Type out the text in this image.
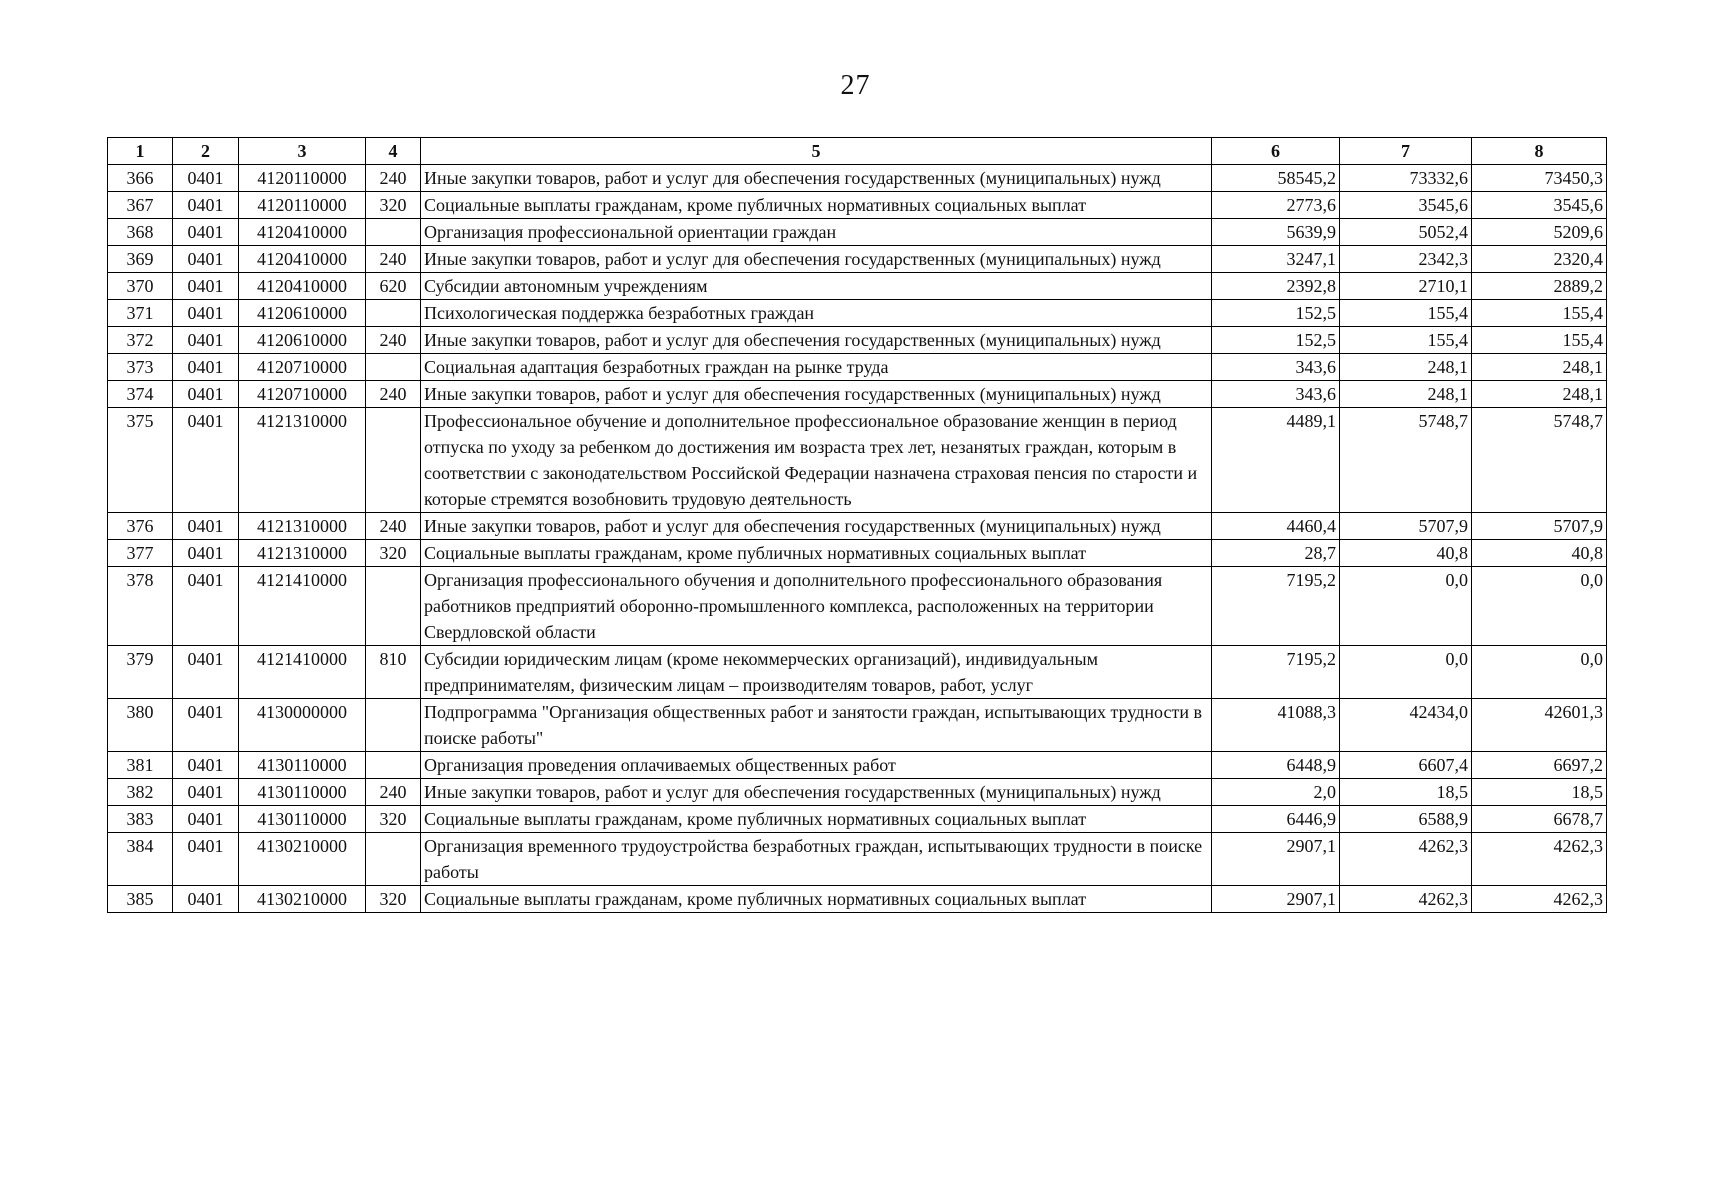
27
1	2	3	4	5	6	7	8
366	0401	4120110000	240	Иные закупки товаров, работ и услуг для обеспечения государственных (муниципальных) нужд	58545,2	73332,6	73450,3
367	0401	4120110000	320	Социальные выплаты гражданам, кроме публичных нормативных социальных выплат	2773,6	3545,6	3545,6
368	0401	4120410000		Организация профессиональной ориентации граждан	5639,9	5052,4	5209,6
369	0401	4120410000	240	Иные закупки товаров, работ и услуг для обеспечения государственных (муниципальных) нужд	3247,1	2342,3	2320,4
370	0401	4120410000	620	Субсидии автономным учреждениям	2392,8	2710,1	2889,2
371	0401	4120610000		Психологическая поддержка безработных граждан	152,5	155,4	155,4
372	0401	4120610000	240	Иные закупки товаров, работ и услуг для обеспечения государственных (муниципальных) нужд	152,5	155,4	155,4
373	0401	4120710000		Социальная адаптация безработных граждан на рынке труда	343,6	248,1	248,1
374	0401	4120710000	240	Иные закупки товаров, работ и услуг для обеспечения государственных (муниципальных) нужд	343,6	248,1	248,1
375	0401	4121310000		Профессиональное обучение и дополнительное профессиональное образование женщин в период отпуска по уходу за ребенком до достижения им возраста трех лет, незанятых граждан, которым в соответствии с законодательством Российской Федерации назначена страховая пенсия по старости и которые стремятся возобновить трудовую деятельность	4489,1	5748,7	5748,7
376	0401	4121310000	240	Иные закупки товаров, работ и услуг для обеспечения государственных (муниципальных) нужд	4460,4	5707,9	5707,9
377	0401	4121310000	320	Социальные выплаты гражданам, кроме публичных нормативных социальных выплат	28,7	40,8	40,8
378	0401	4121410000		Организация профессионального обучения и дополнительного профессионального образования работников предприятий оборонно-промышленного комплекса, расположенных на территории Свердловской области	7195,2	0,0	0,0
379	0401	4121410000	810	Субсидии юридическим лицам (кроме некоммерческих организаций), индивидуальным предпринимателям, физическим лицам – производителям товаров, работ, услуг	7195,2	0,0	0,0
380	0401	4130000000		Подпрограмма "Организация общественных работ и занятости граждан, испытывающих трудности в поиске работы"	41088,3	42434,0	42601,3
381	0401	4130110000		Организация проведения оплачиваемых общественных работ	6448,9	6607,4	6697,2
382	0401	4130110000	240	Иные закупки товаров, работ и услуг для обеспечения государственных (муниципальных) нужд	2,0	18,5	18,5
383	0401	4130110000	320	Социальные выплаты гражданам, кроме публичных нормативных социальных выплат	6446,9	6588,9	6678,7
384	0401	4130210000		Организация временного трудоустройства безработных граждан, испытывающих трудности в поиске работы	2907,1	4262,3	4262,3
385	0401	4130210000	320	Социальные выплаты гражданам, кроме публичных нормативных социальных выплат	2907,1	4262,3	4262,3
